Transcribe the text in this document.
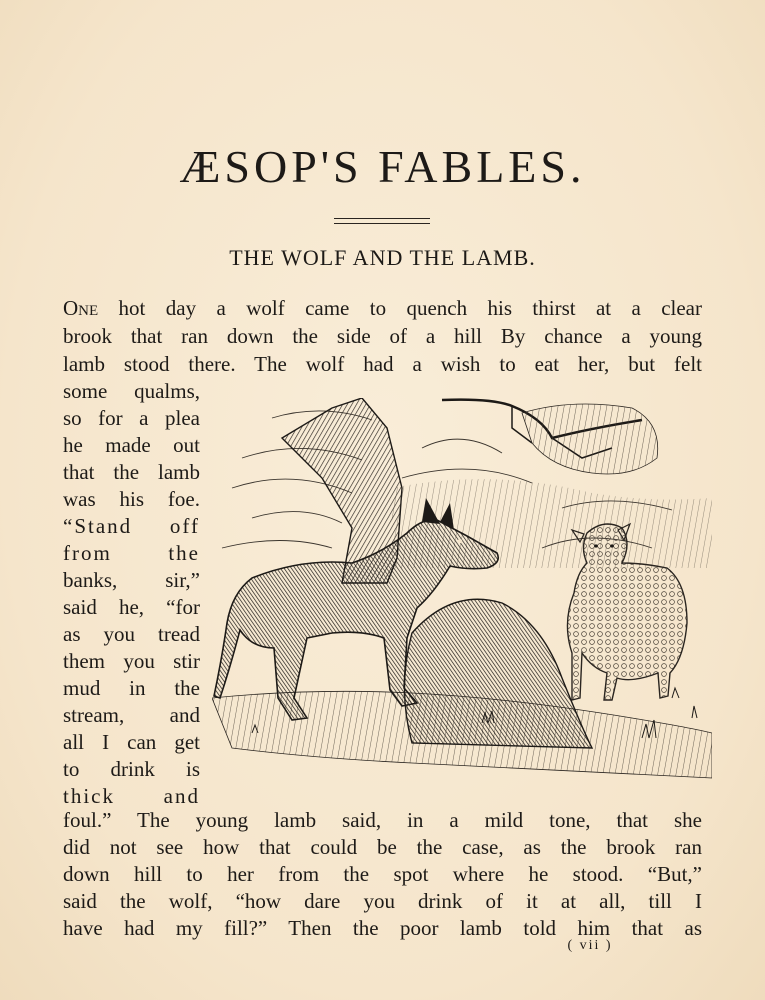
ÆSOP'S FABLES.
THE WOLF AND THE LAMB.
One hot day a wolf came to quench his thirst at a clear
brook that ran down the side of a hill By chance a young
lamb stood there. The wolf had a wish to eat her, but felt
some qualms,
so for a plea
he made out
that the lamb
was his foe.
“Stand off
from the
banks, sir,”
said he, “for
as you tread
them you stir
mud in the
stream, and
all I can get
to drink is
thick and
foul.” The young lamb said, in a mild tone, that she
did not see how that could be the case, as the brook ran
down hill to her from the spot where he stood. “But,”
said the wolf, “how dare you drink of it at all, till I
have had my fill?” Then the poor lamb told him that as
( vii )
